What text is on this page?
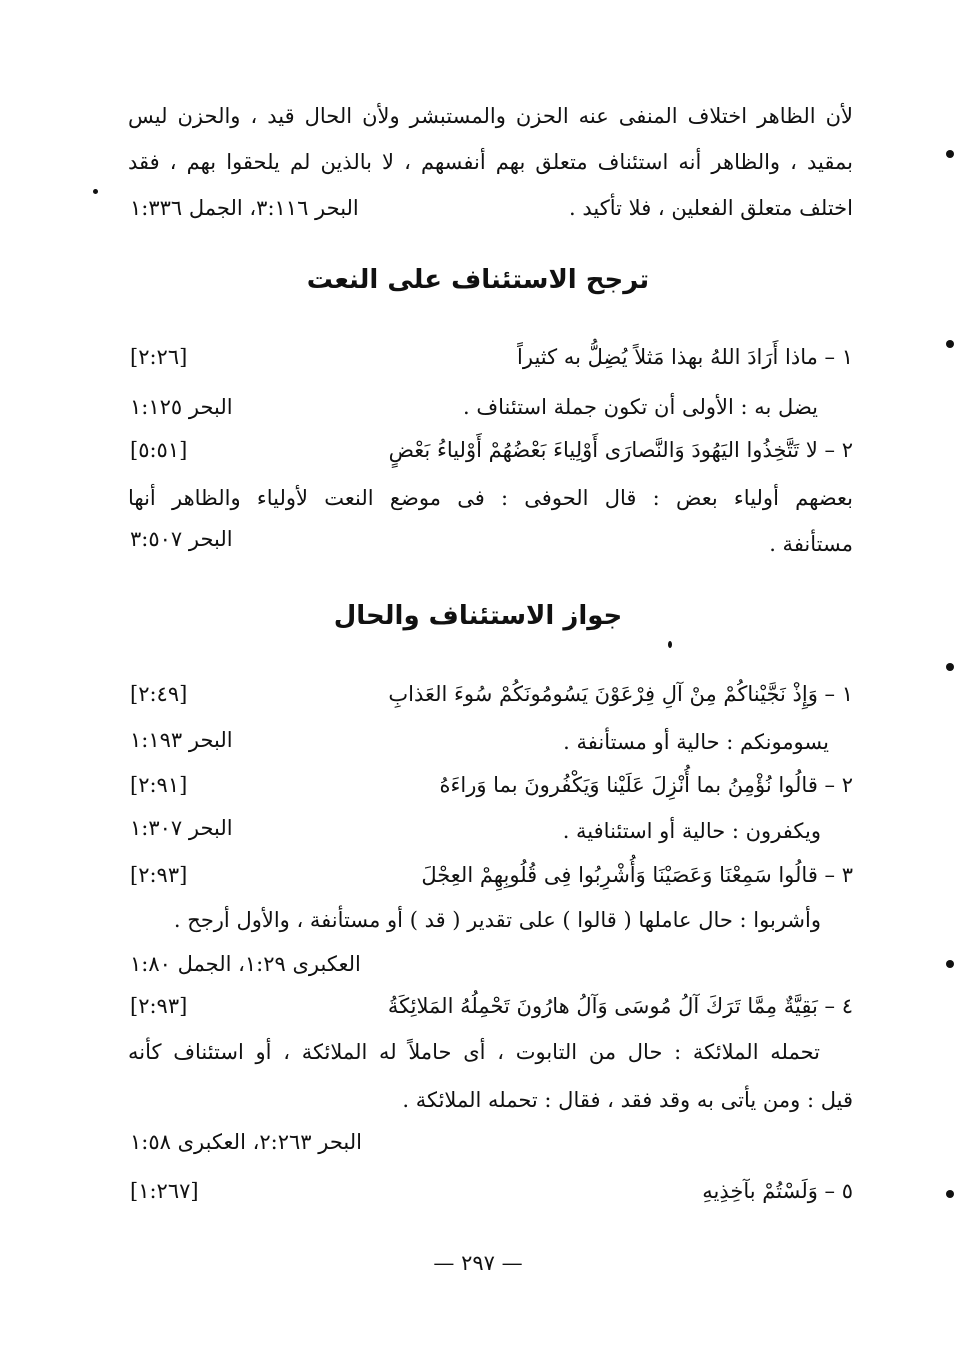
لأن الظاهر اختلاف المنفى عنه الحزن والمستبشر ولأن الحال قيد ، والحزن ليس
بمقيد ، والظاهر أنه استئناف متعلق بهم أنفسهم ، لا بالذين لم يلحقوا بهم ، فقد
اختلف متعلق الفعلين ، فلا تأكيد .
البحر ٣:١١٦، الجمل ١:٣٣٦
ترجح الاستئناف على النعت
١ – ماذا أَرَادَ اللهُ بهذا مَثلاً يُضِلُّ به كثيراً
[٢:٢٦]
يضل به : الأولى أن تكون جملة استئناف .
البحر ١:١٢٥
٢ – لا تَتَّخِذُوا اليَهُودَ وَالنَّصارَى أَوْلِياءَ بَعْضُهُمْ أَوْلياءُ بَعْضٍ
[٥:٥١]
بعضهم أولياء بعض : قال الحوفى : فى موضع النعت لأولياء والظاهر أنها
مستأنفة .
البحر ٣:٥٠٧
جواز الاستئناف والحال
١ – وَإِذْ نَجَّيْناكُمْ مِنْ آلِ فِرْعَوْنَ يَسُومُونَكُمْ سُوءَ العَذابِ
[٢:٤٩]
يسومونكم : حالية أو مستأنفة .
البحر ١:١٩٣
٢ – قالُوا نُؤْمِنُ بما أُنْزِلَ عَلَيْنا وَيَكْفُرونَ بما وَراءَهُ
[٢:٩١]
ويكفرون : حالية أو استئنافية .
البحر ١:٣٠٧
٣ – قالُوا سَمِعْنَا وَعَصَيْنَا وَأُشْرِبُوا فِى قُلُوبِهِمْ العِجْلَ
[٢:٩٣]
وأشربوا : حال عاملها ( قالوا ) على تقدير ( قد ) أو مستأنفة ، والأول أرجح .
العكبرى ١:٢٩، الجمل ١:٨٠
٤ – بَقِيَّةٌ مِمَّا تَرَكَ آلُ مُوسَى وَآلُ هارُونَ تَحْمِلُهُ المَلائِكَةُ
[٢:٩٣]
تحمله الملائكة : حال من التابوت ، أى حاملاً له الملائكة ، أو استئناف كأنه
قيل : ومن يأتى به وقد فقد ، فقال : تحمله الملائكة .
البحر ٢:٢٦٣، العكبرى ١:٥٨
٥ – وَلَسْتُمْ بآخِذِيهِ
[١:٢٦٧]
— ٢٩٧ —
